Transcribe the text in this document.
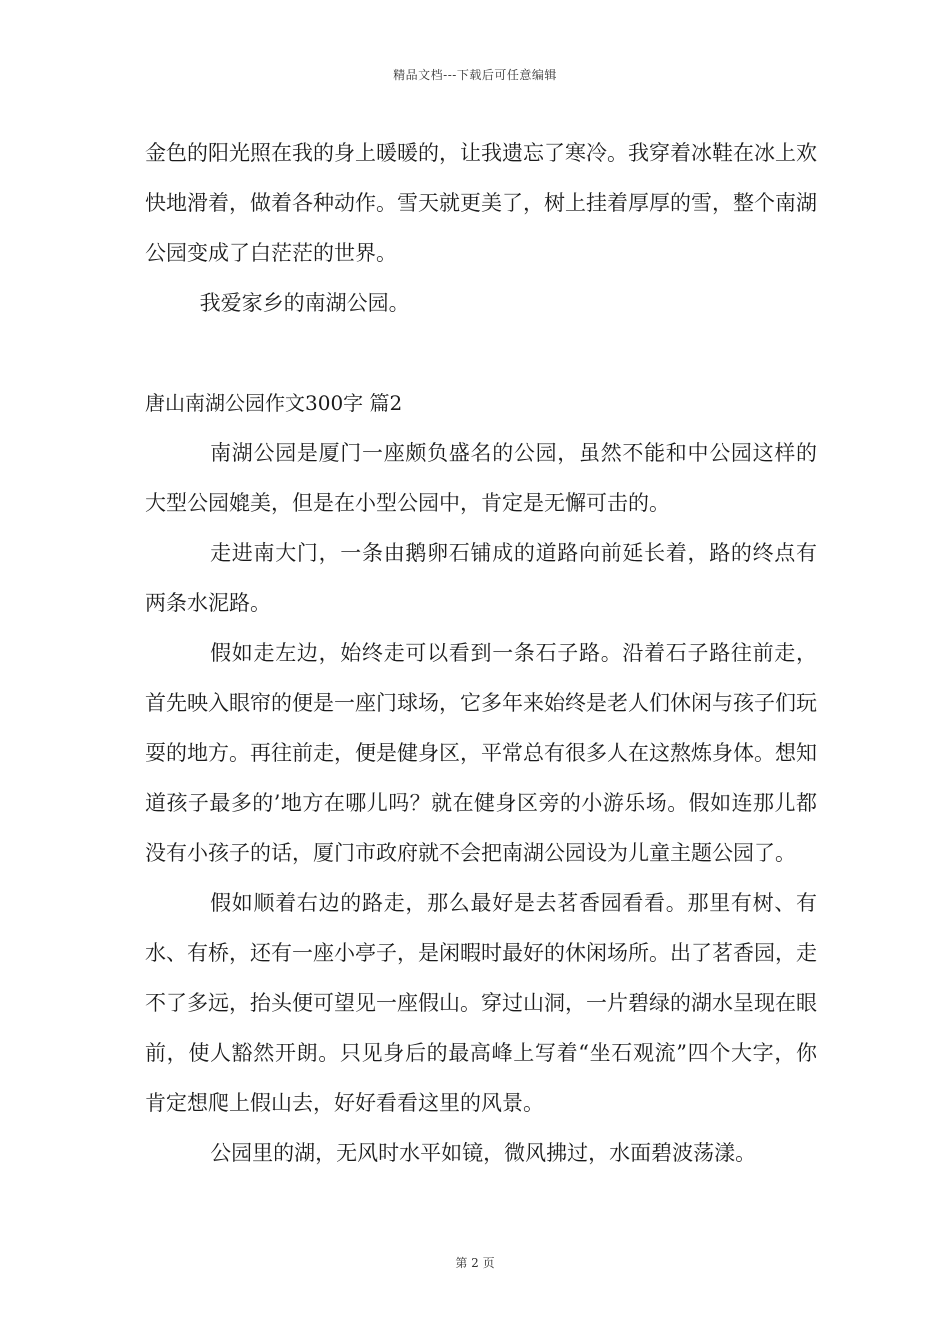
精品文档---下载后可任意编辑

金色的阳光照在我的身上暖暖的，让我遗忘了寒冷。我穿着冰鞋在冰上欢快地滑着，做着各种动作。雪天就更美了，树上挂着厚厚的雪，整个南湖公园变成了白茫茫的世界。

我爱家乡的南湖公园。

唐山南湖公园作文300字 篇2

南湖公园是厦门一座颇负盛名的公园，虽然不能和中公园这样的大型公园媲美，但是在小型公园中，肯定是无懈可击的。

走进南大门，一条由鹅卵石铺成的道路向前延长着，路的终点有两条水泥路。

假如走左边，始终走可以看到一条石子路。沿着石子路往前走，首先映入眼帘的便是一座门球场，它多年来始终是老人们休闲与孩子们玩耍的地方。再往前走，便是健身区，平常总有很多人在这熬炼身体。想知道孩子最多的’地方在哪儿吗？就在健身区旁的小游乐场。假如连那儿都没有小孩子的话，厦门市政府就不会把南湖公园设为儿童主题公园了。

假如顺着右边的路走，那么最好是去茗香园看看。那里有树、有水、有桥，还有一座小亭子，是闲暇时最好的休闲场所。出了茗香园，走不了多远，抬头便可望见一座假山。穿过山洞，一片碧绿的湖水呈现在眼前，使人豁然开朗。只见身后的最高峰上写着“坐石观流”四个大字，你肯定想爬上假山去，好好看看这里的风景。

公园里的湖，无风时水平如镜，微风拂过，水面碧波荡漾。

第 2 页
